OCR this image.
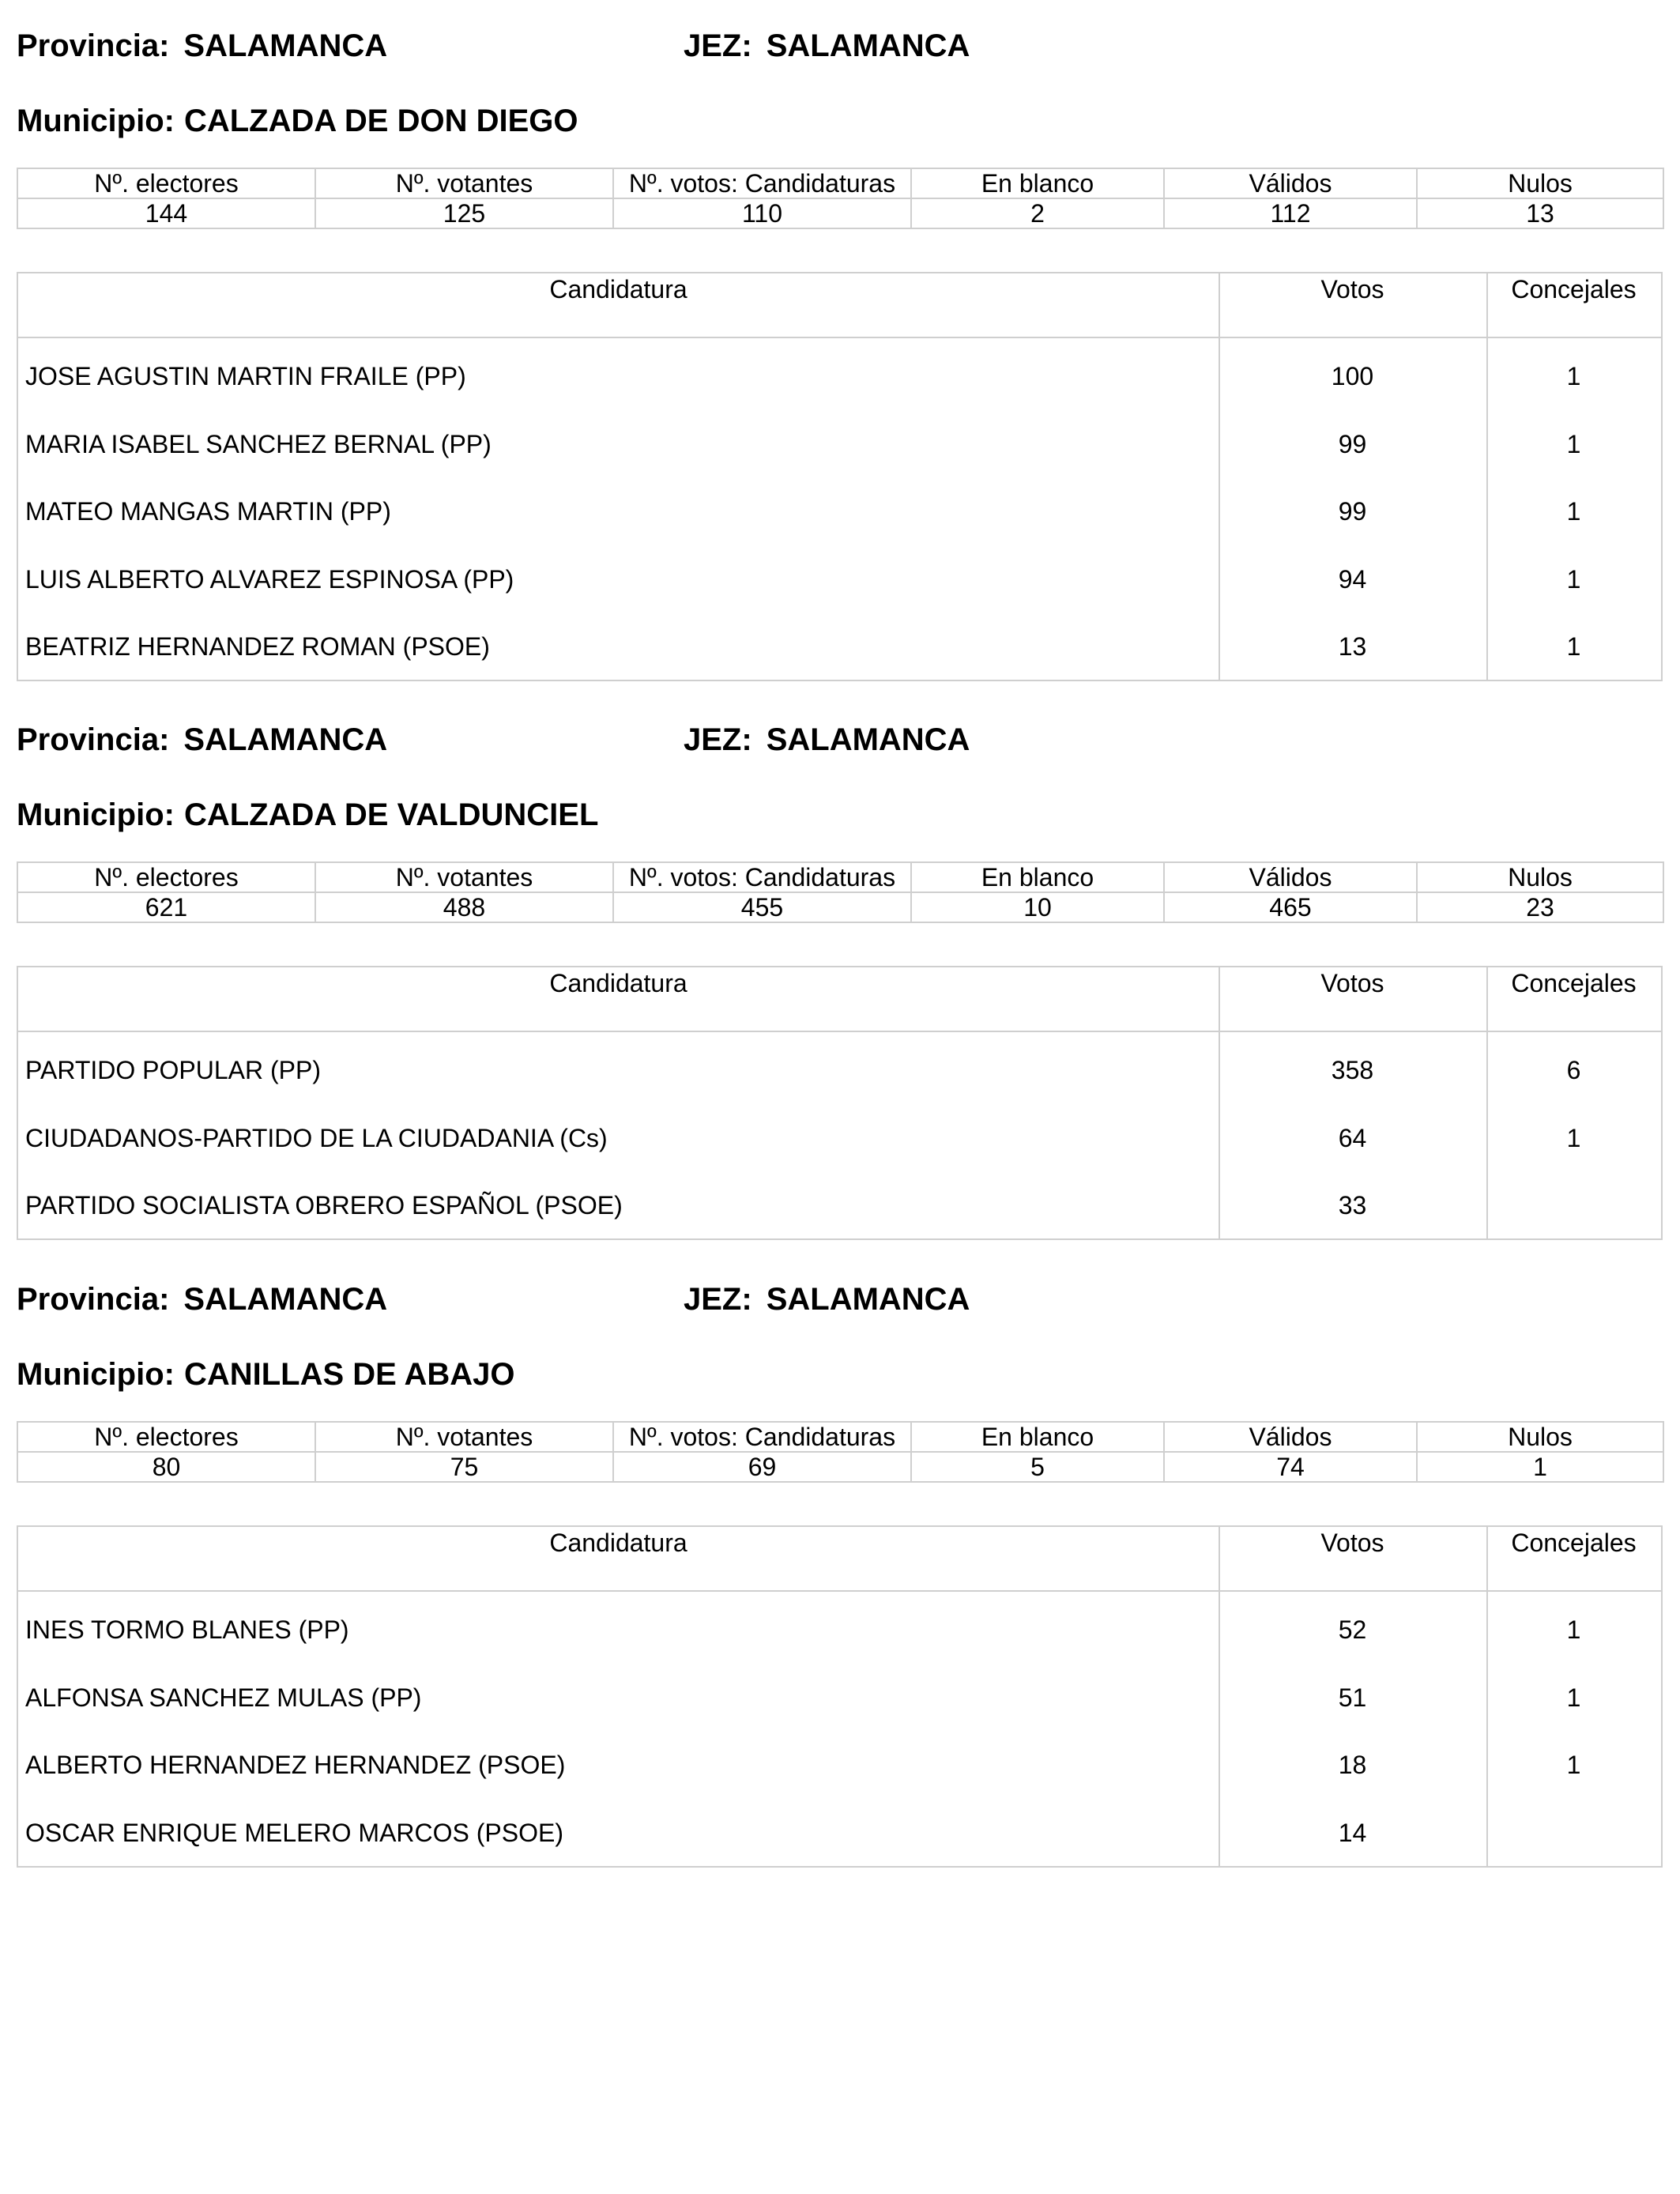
Provincia: SALAMANCA	JEZ: SALAMANCA
Municipio: CALZADA DE DON DIEGO
Nº. electores	Nº. votantes	Nº. votos: Candidaturas	En blanco	Válidos	Nulos
144	125	110	2	112	13
Candidatura	Votos	Concejales
JOSE AGUSTIN MARTIN FRAILE (PP)	100	1
MARIA ISABEL SANCHEZ BERNAL (PP)	99	1
MATEO MANGAS MARTIN (PP)	99	1
LUIS ALBERTO ALVAREZ ESPINOSA (PP)	94	1
BEATRIZ HERNANDEZ ROMAN (PSOE)	13	1
Provincia: SALAMANCA	JEZ: SALAMANCA
Municipio: CALZADA DE VALDUNCIEL
Nº. electores	Nº. votantes	Nº. votos: Candidaturas	En blanco	Válidos	Nulos
621	488	455	10	465	23
Candidatura	Votos	Concejales
PARTIDO POPULAR (PP)	358	6
CIUDADANOS-PARTIDO DE LA CIUDADANIA (Cs)	64	1
PARTIDO SOCIALISTA OBRERO ESPAÑOL (PSOE)	33
Provincia: SALAMANCA	JEZ: SALAMANCA
Municipio: CANILLAS DE ABAJO
Nº. electores	Nº. votantes	Nº. votos: Candidaturas	En blanco	Válidos	Nulos
80	75	69	5	74	1
Candidatura	Votos	Concejales
INES TORMO BLANES (PP)	52	1
ALFONSA SANCHEZ MULAS (PP)	51	1
ALBERTO HERNANDEZ HERNANDEZ (PSOE)	18	1
OSCAR ENRIQUE MELERO MARCOS (PSOE)	14
